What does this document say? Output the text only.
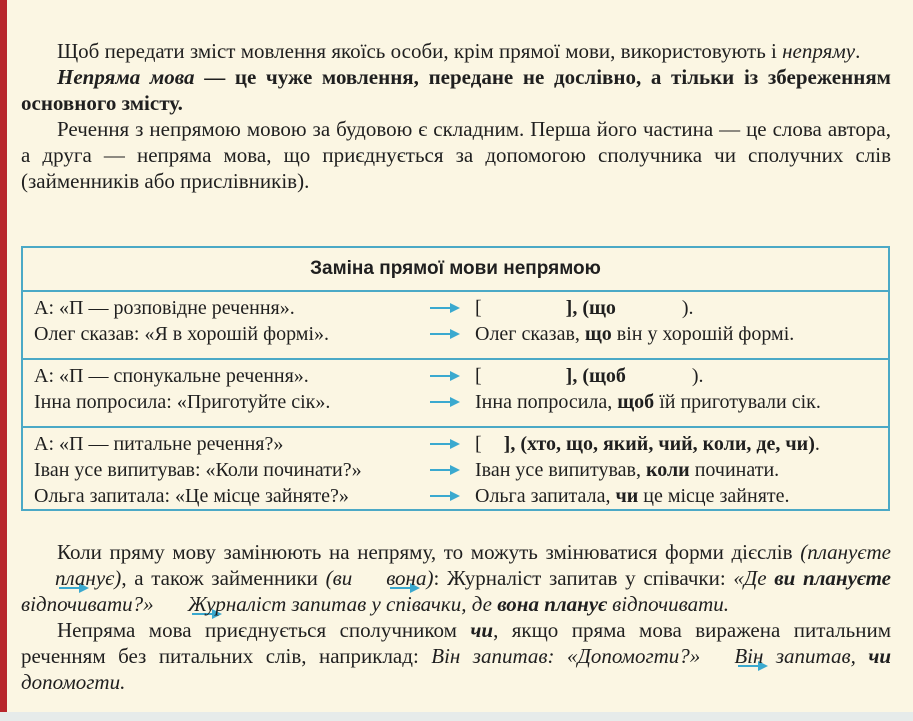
Щоб передати зміст мовлення якоїсь особи, крім прямої мови, використовують і непряму.

Непряма мова — це чуже мовлення, передане не дослівно, а тільки із збереженням основного змісту.

Речення з непрямою мовою за будовою є складним. Перша його частина — це слова автора, а друга — непряма мова, що приєднується за допомогою сполучника чи сполучних слів (займенників або прислівників).

Заміна прямої мови непрямою
А: «П — розповідне речення».	[	], (що	).
Олег сказав: «Я в хорошій формі».	Олег сказав, що він у хорошій формі.
А: «П — спонукальне речення».	[	], (щоб	).
Інна попросила: «Приготуйте сік».	Інна попросила, щоб їй приготували сік.
А: «П — питальне речення?»	[ ], (хто, що, який, чий, коли, де, чи).
Іван усе випитував: «Коли починати?»	Іван усе випитував, коли починати.
Ольга запитала: «Це місце зайняте?»	Ольга запитала, чи це місце зайняте.

Коли пряму мову замінюють на непряму, то можуть змінюватися форми дієслів (плануєтепланує), а також займенники (ви вона): Журналіст запитав у співачки: «Де ви плануєте відпочивати?» Журналіст запитав у співачки, де вона планує відпочивати.

Непряма мова приєднується сполучником чи, якщо пряма мова виражена питальним реченням без питальних слів, наприклад: Він запитав: «Допомогти?» Він запитав, чи допомогти.
